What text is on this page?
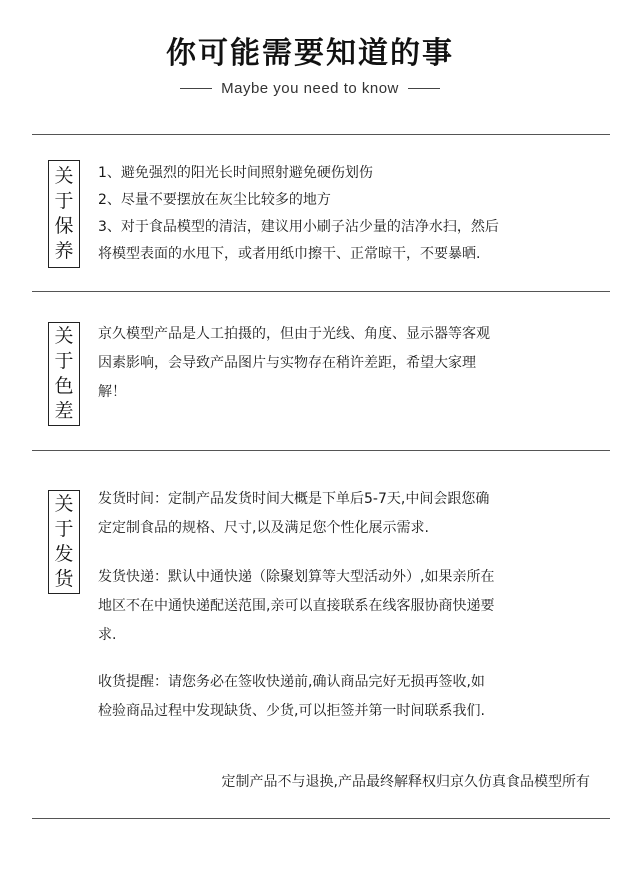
你可能需要知道的事
Maybe you need to know
关
于
保
养

1、避免强烈的阳光长时间照射避免硬伤划伤

2、尽量不要摆放在灰尘比较多的地方

3、对于食品模型的清洁，建议用小刷子沾少量的洁净水扫，然后

将模型表面的水甩下，或者用纸巾擦干、正常晾干，不要暴晒.

关
于
色
差

京久模型产品是人工拍摄的，但由于光线、角度、显示器等客观

因素影响，会导致产品图片与实物存在稍许差距，希望大家理

解！

关
于
发
货

发货时间：定制产品发货时间大概是下单后5-7天,中间会跟您确

定定制食品的规格、尺寸,以及满足您个性化展示需求.

发货快递：默认中通快递（除聚划算等大型活动外）,如果亲所在

地区不在中通快递配送范围,亲可以直接联系在线客服协商快递要

求.

收货提醒：请您务必在签收快递前,确认商品完好无损再签收,如

检验商品过程中发现缺货、少货,可以拒签并第一时间联系我们.

定制产品不与退换,产品最终解释权归京久仿真食品模型所有
